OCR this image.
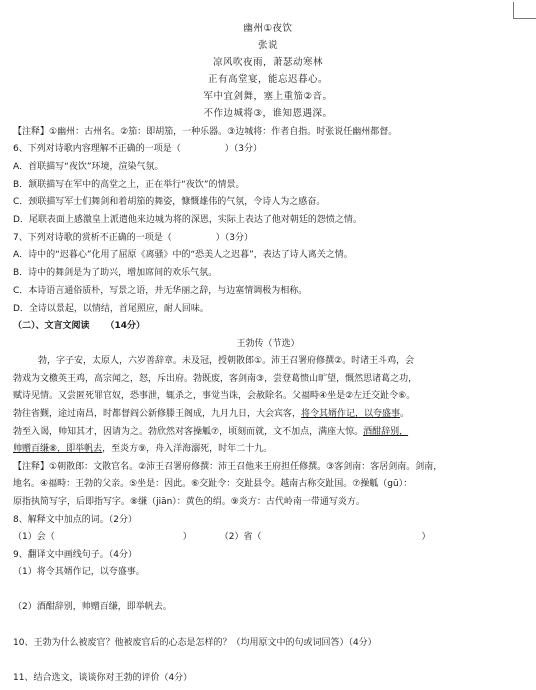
幽州①夜饮
张说
凉风吹夜雨，萧瑟动寒林
正有高堂宴，能忘迟暮心。
军中宜剑舞，塞上重笳②音。
不作边城将③，谁知恩遇深。
【注释】①幽州：古州名。②笳：即胡笳，一种乐器。③边城将：作者自指。时张说任幽州都督。
6、下列对诗歌内容理解不正确的一项是（	）（3分）
A．首联描写“夜饮”环境，渲染气氛。
B．颔联描写在军中的高堂之上，正在举行“夜饮”的情景。
C．颈联描写军士们舞剑和着胡笳的舞姿，慷慨雄伟的气氛，令诗人为之感奋。
D．尾联表面上感激皇上派遣他来边城为将的深恩，实际上表达了他对朝廷的怨愤之情。
7、下列对诗歌的赏析不正确的一项是（	）（3分）
A．诗中的“迟暮心”化用了屈原《离骚》中的“恐美人之迟暮”，表达了诗人离关之情。
B．诗中的舞剑是为了助兴，增加席间的欢乐气氛。
C．本诗语言通俗质朴，写景之语，并无华丽之辞，与边塞情调极为相称。
D．全诗以景起，以情结，首尾照应，耐人回味。
（二）、文言文阅读 （14分）
王勃传（节选）
勃，字子安，太原人，六岁善辞章。未及冠，授朝散郎①。沛王召署府修撰②。时诸王斗鸡，会
勃戏为文檄英王鸡，高宗闻之，怒，斥出府。勃既废，客剑南③，尝登葛愦山旷望，慨然思诸葛之功，
赋诗见情。又尝匿死罪官奴，恐事泄，辄杀之，事觉当诛，会赦除名。父福畤④坐是②左迁交趾令⑥。
勃往省觐，途过南昌，时都督阎公新修滕王阁成，九月九日，大会宾客，将令其婿作记，以夸盛事。
勃至入谒，帅知其才，因请为之。勃欣然对客操觚⑦，顷刻而就，文不加点，满座大惊。酒酣辞别，
帅赠百缣⑧，即举帆去，至炎方⑨，舟入洋海溺死，时年二十九。
【注释】①朝散郎：文散官名。②沛王召署府修撰：沛王召他来王府担任修撰。③客剑南：客居剑南。剑南，
地名。④福畤：王勃的父亲。⑤坐是：因此。⑥交趾令：交趾县令。越南古称交趾国。⑦操觚（gū）：
原指执简写字，后即指写字。⑧缣（jiān）：黄色的绢。⑨炎方：古代岭南一带通写炎方。
8、解释文中加点的词。（2分）
（1）会（	）	（2）省（	）
9、翻译文中画线句子。（4分）
（1）将令其婿作记，以夸盛事。
（2）酒酣辞别，帅赠百缣，即举帆去。
10、王勃为什么被废官？他被废官后的心态是怎样的？（均用原文中的句或词回答）（4分）
11、结合选文，谈谈你对王勃的评价（4分）
